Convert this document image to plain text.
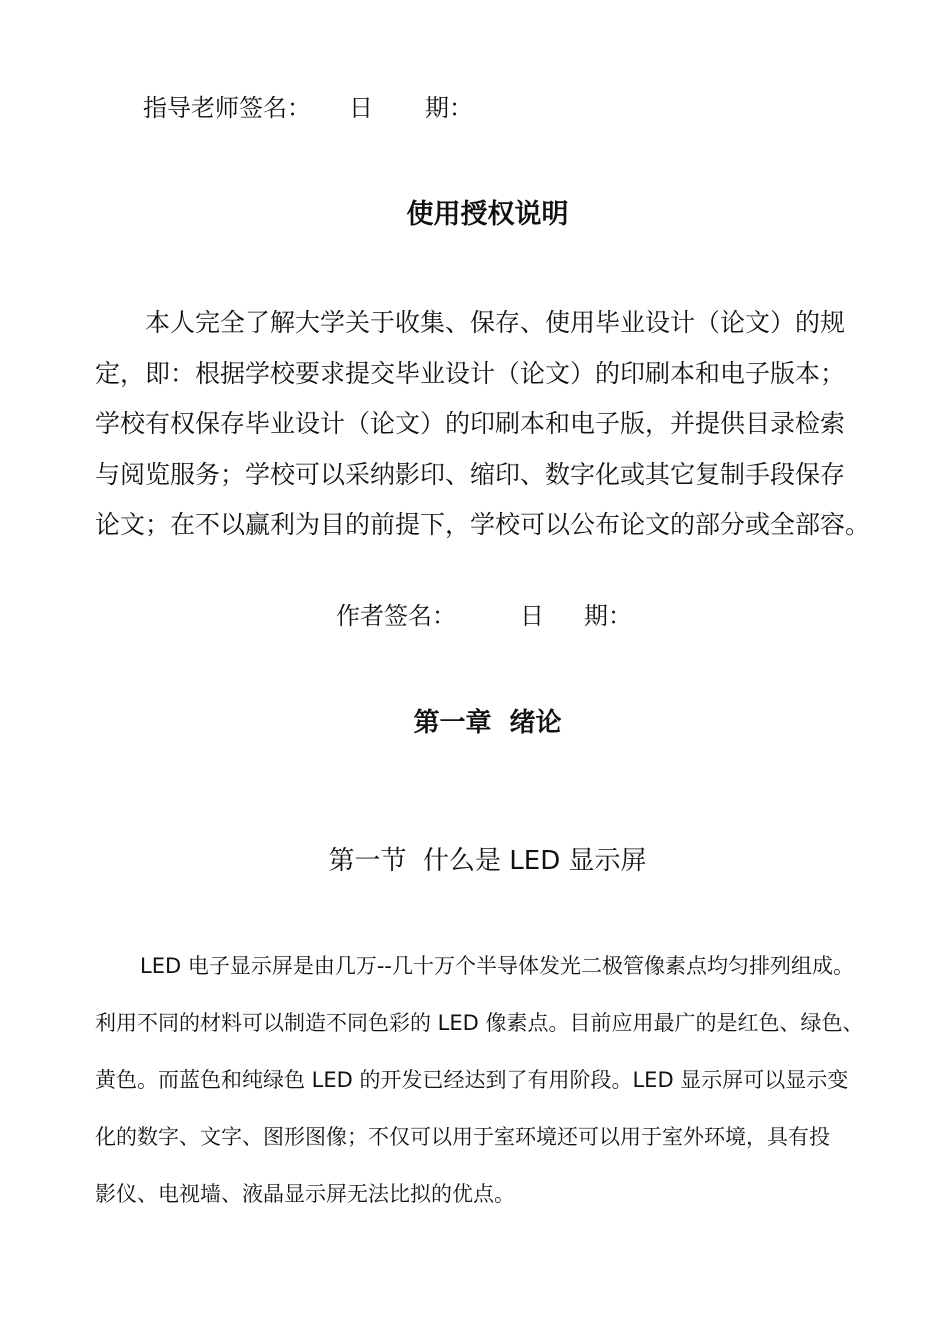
指导老师签名： 日 期：
使用授权说明
本人完全了解大学关于收集、保存、使用毕业设计（论文）的规
定，即：根据学校要求提交毕业设计（论文）的印刷本和电子版本；
学校有权保存毕业设计（论文）的印刷本和电子版，并提供目录检索
与阅览服务；学校可以采纳影印、缩印、数字化或其它复制手段保存
论文；在不以赢利为目的前提下，学校可以公布论文的部分或全部容。
作者签名：	日 期：
第一章  绪论
第一节  什么是 LED 显示屏
LED 电子显示屏是由几万--几十万个半导体发光二极管像素点均匀排列组成。
利用不同的材料可以制造不同色彩的 LED 像素点。目前应用最广的是红色、绿色、
黄色。而蓝色和纯绿色 LED 的开发已经达到了有用阶段。LED 显示屏可以显示变
化的数字、文字、图形图像；不仅可以用于室环境还可以用于室外环境，具有投
影仪、电视墙、液晶显示屏无法比拟的优点。
